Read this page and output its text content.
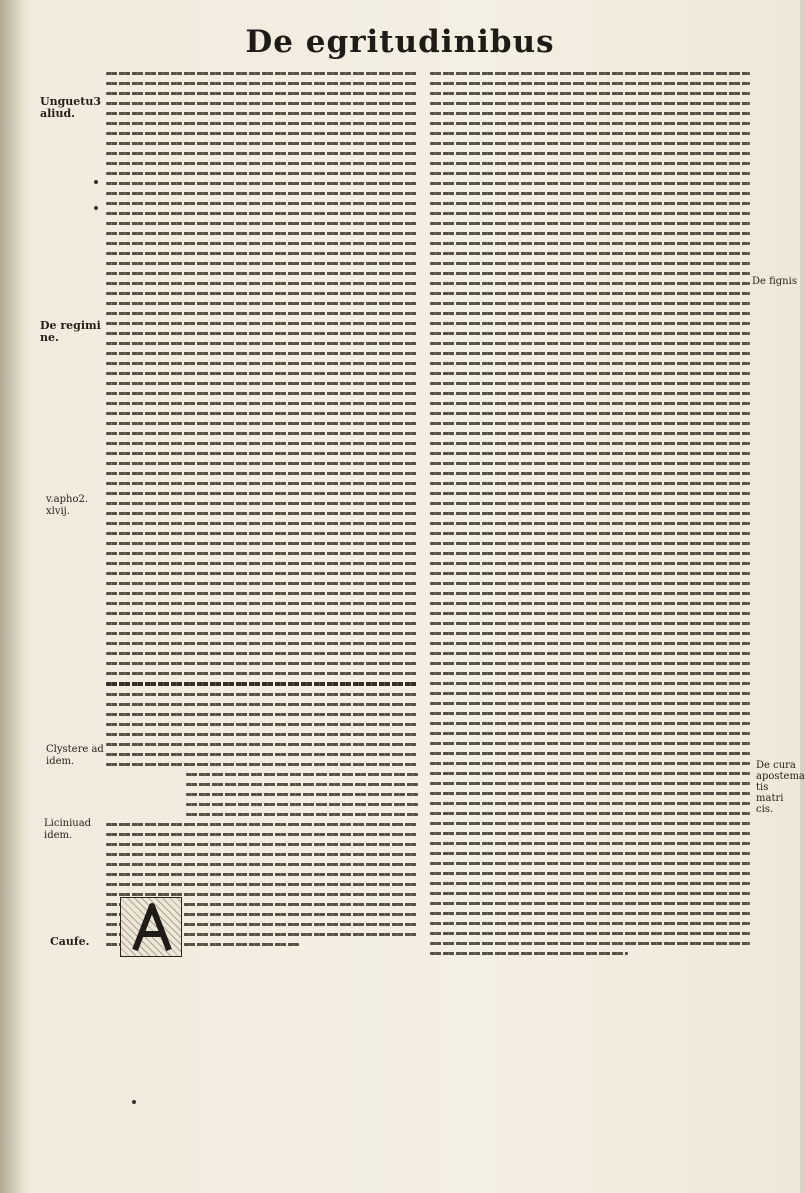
De egritudinibus
Unguetu3 aliud.
De regimi ne.
v.apho2. xlvij.
Clystere ad idem.
Liciniuad idem.
Caufe.
De fignis
De cura apostema tis matri cis.
